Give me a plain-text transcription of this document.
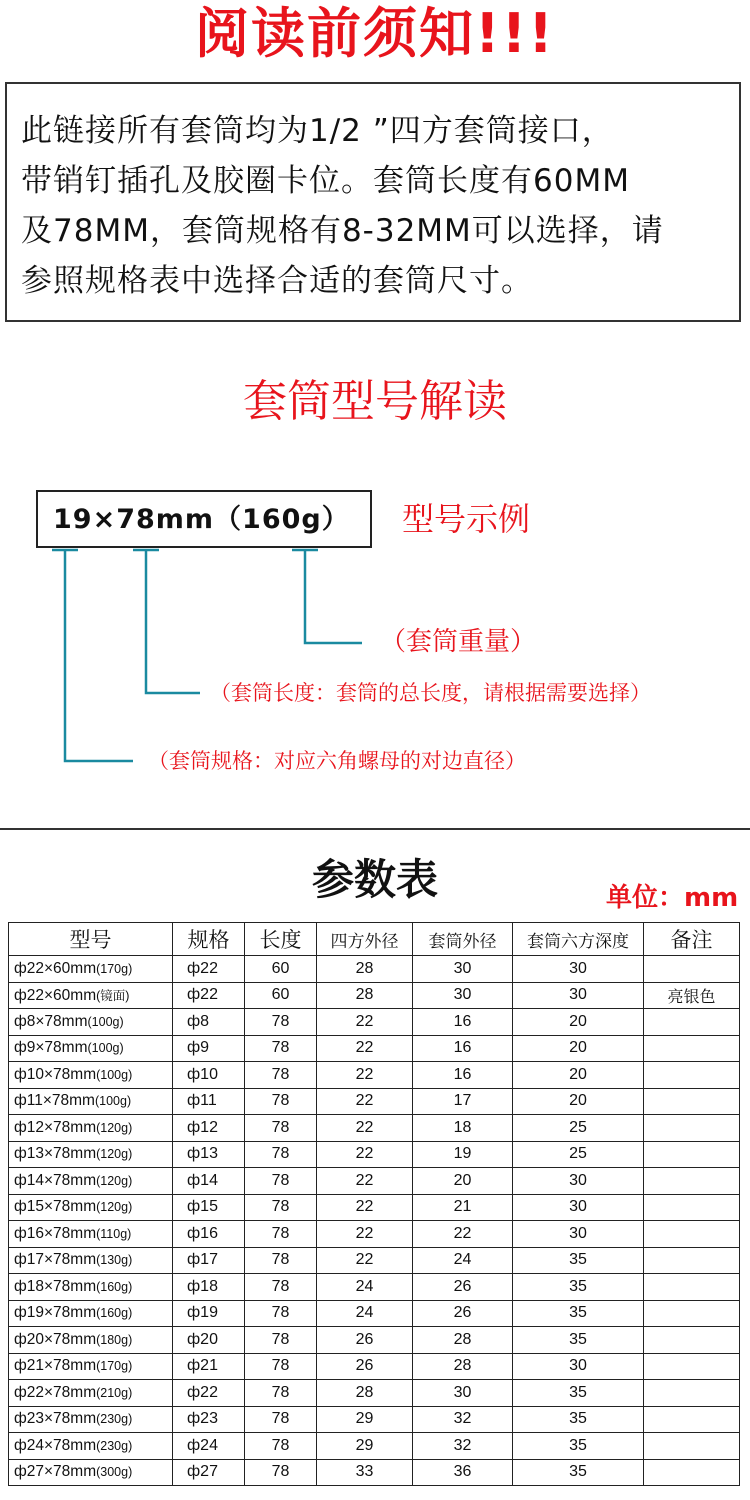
阅读前须知!!!
此链接所有套筒均为1/2 ”四方套筒接口，
带销钉插孔及胶圈卡位。套筒长度有60MM
及78MM，套筒规格有8-32MM可以选择，请
参照规格表中选择合适的套筒尺寸。
套筒型号解读
19×78mm（160g）	型号示例
（套筒重量）
（套筒长度：套筒的总长度，请根据需要选择）
（套筒规格：对应六角螺母的对边直径）
参数表	单位：mm
型号	规格	长度	四方外径	套筒外径	套筒六方深度	备注
ф22×60mm(170g)	ф22	60	28	30	30	
ф22×60mm(镜面)	ф22	60	28	30	30	亮银色
ф8×78mm(100g)	ф8	78	22	16	20	
ф9×78mm(100g)	ф9	78	22	16	20	
ф10×78mm(100g)	ф10	78	22	16	20	
ф11×78mm(100g)	ф11	78	22	17	20	
ф12×78mm(120g)	ф12	78	22	18	25	
ф13×78mm(120g)	ф13	78	22	19	25	
ф14×78mm(120g)	ф14	78	22	20	30	
ф15×78mm(120g)	ф15	78	22	21	30	
ф16×78mm(110g)	ф16	78	22	22	30	
ф17×78mm(130g)	ф17	78	22	24	35	
ф18×78mm(160g)	ф18	78	24	26	35	
ф19×78mm(160g)	ф19	78	24	26	35	
ф20×78mm(180g)	ф20	78	26	28	35	
ф21×78mm(170g)	ф21	78	26	28	30	
ф22×78mm(210g)	ф22	78	28	30	35	
ф23×78mm(230g)	ф23	78	29	32	35	
ф24×78mm(230g)	ф24	78	29	32	35	
ф27×78mm(300g)	ф27	78	33	36	35	
